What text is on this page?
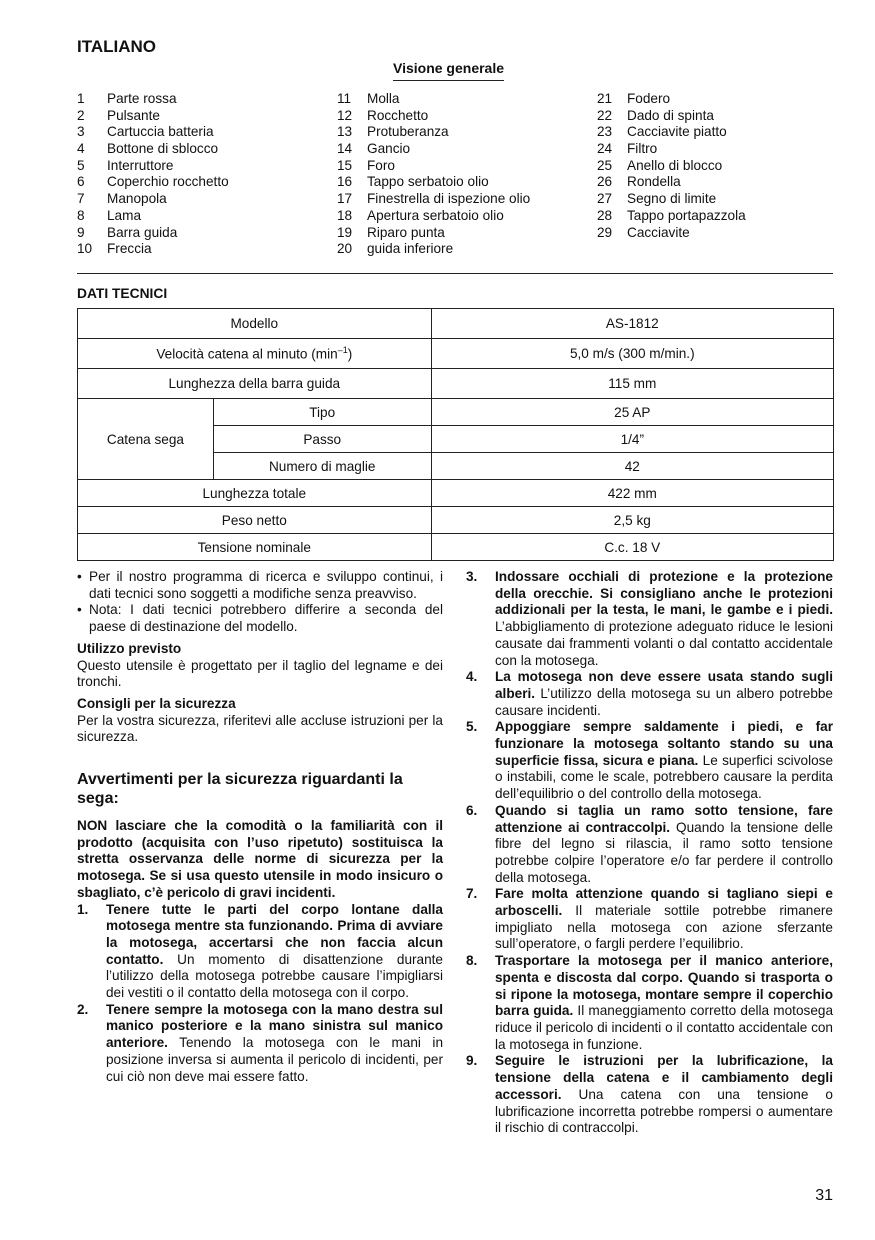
ITALIANO
Visione generale
1	Parte rossa
2	Pulsante
3	Cartuccia batteria
4	Bottone di sblocco
5	Interruttore
6	Coperchio rocchetto
7	Manopola
8	Lama
9	Barra guida
10	Freccia
11	Molla
12	Rocchetto
13	Protuberanza
14	Gancio
15	Foro
16	Tappo serbatoio olio
17	Finestrella di ispezione olio
18	Apertura serbatoio olio
19	Riparo punta
20	guida inferiore
21	Fodero
22	Dado di spinta
23	Cacciavite piatto
24	Filtro
25	Anello di blocco
26	Rondella
27	Segno di limite
28	Tappo portapazzola
29	Cacciavite
DATI TECNICI
Modello		AS-1812
Velocità catena al minuto $(\min^{-1})$		5,0 m/s (300 m/min.)
Lunghezza della barra guida		115 mm
Catena sega	Tipo	25 AP
	Passo	1/4”
	Numero di maglie	42
Lunghezza totale		422 mm
Peso netto		2,5 kg
Tensione nominale		C.c. 18 V

• Per il nostro programma di ricerca e sviluppo continui, i dati tecnici sono soggetti a modifiche senza preavviso.

• Nota: I dati tecnici potrebbero differire a seconda del paese di destinazione del modello.

Utilizzo previsto

Questo utensile è progettato per il taglio del legname e dei tronchi.

Consigli per la sicurezza

Per la vostra sicurezza, riferitevi alle accluse istruzioni per la sicurezza.

Avvertimenti per la sicurezza riguardanti la sega:

NON lasciare che la comodità o la familiarità con il prodotto (acquisita con l’uso ripetuto) sostituisca la stretta osservanza delle norme di sicurezza per la motosega. Se si usa questo utensile in modo insicuro o sbagliato, c’è pericolo di gravi incidenti.

1.	Tenere tutte le parti del corpo lontane dalla motosega mentre sta funzionando. Prima di avviare la motosega, accertarsi che non faccia alcun contatto. Un momento di disattenzione durante l’utilizzo della motosega potrebbe causare l’impigliarsi dei vestiti o il contatto della motosega con il corpo.
2.	Tenere sempre la motosega con la mano destra sul manico posteriore e la mano sinistra sul manico anteriore. Tenendo la motosega con le mani in posizione inversa si aumenta il pericolo di incidenti, per cui ciò non deve mai essere fatto.
3.	Indossare occhiali di protezione e la protezione della orecchie. Si consigliano anche le protezioni addizionali per la testa, le mani, le gambe e i piedi. L’abbigliamento di protezione adeguato riduce le lesioni causate dai frammenti volanti o dal contatto accidentale con la motosega.
4.	La motosega non deve essere usata stando sugli alberi. L’utilizzo della motosega su un albero potrebbe causare incidenti.
5.	Appoggiare sempre saldamente i piedi, e far funzionare la motosega soltanto stando su una superficie fissa, sicura e piana. Le superfici scivolose o instabili, come le scale, potrebbero causare la perdita dell’equilibrio o del controllo della motosega.
6.	Quando si taglia un ramo sotto tensione, fare attenzione ai contraccolpi. Quando la tensione delle fibre del legno si rilascia, il ramo sotto tensione potrebbe colpire l’operatore e/o far perdere il controllo della motosega.
7.	Fare molta attenzione quando si tagliano siepi e arboscelli. Il materiale sottile potrebbe rimanere impigliato nella motosega con azione sferzante sull’operatore, o fargli perdere l’equilibrio.
8.	Trasportare la motosega per il manico anteriore, spenta e discosta dal corpo. Quando si trasporta o si ripone la motosega, montare sempre il coperchio barra guida. Il maneggiamento corretto della motosega riduce il pericolo di incidenti o il contatto accidentale con la motosega in funzione.
9.	Seguire le istruzioni per la lubrificazione, la tensione della catena e il cambiamento degli accessori. Una catena con una tensione o lubrificazione incorretta potrebbe rompersi o aumentare il rischio di contraccolpi.

31
